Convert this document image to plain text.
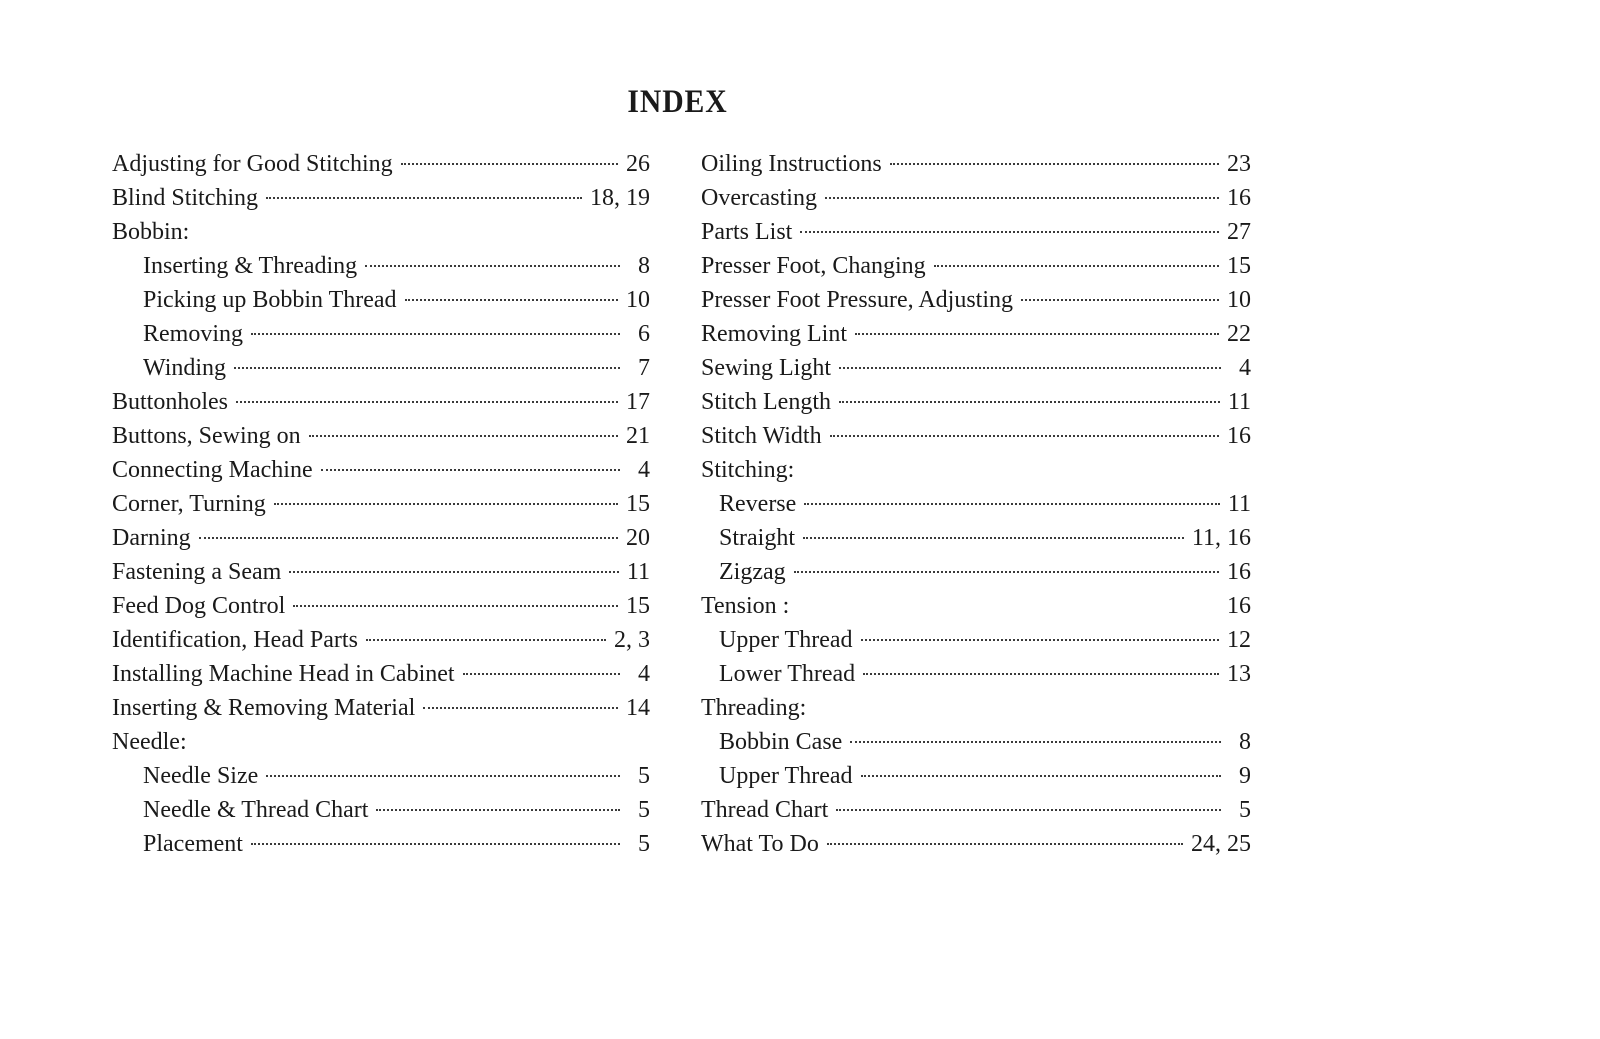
INDEX
Adjusting for Good Stitching	26
Blind Stitching	18, 19
Bobbin:
Inserting & Threading	8
Picking up Bobbin Thread	10
Removing	6
Winding	7
Buttonholes	17
Buttons, Sewing on	21
Connecting Machine	4
Corner, Turning	15
Darning	20
Fastening a Seam	11
Feed Dog Control	15
Identification, Head Parts	2, 3
Installing Machine Head in Cabinet	4
Inserting & Removing Material	14
Needle:
Needle Size	5
Needle & Thread Chart	5
Placement	5
Oiling Instructions	23
Overcasting	16
Parts List	27
Presser Foot, Changing	15
Presser Foot Pressure, Adjusting	10
Removing Lint	22
Sewing Light	4
Stitch Length	11
Stitch Width	16
Stitching:
Reverse	11
Straight	11, 16
Zigzag	16
Tension :	16
Upper Thread	12
Lower Thread	13
Threading:
Bobbin Case	8
Upper Thread	9
Thread Chart	5
What To Do	24, 25
